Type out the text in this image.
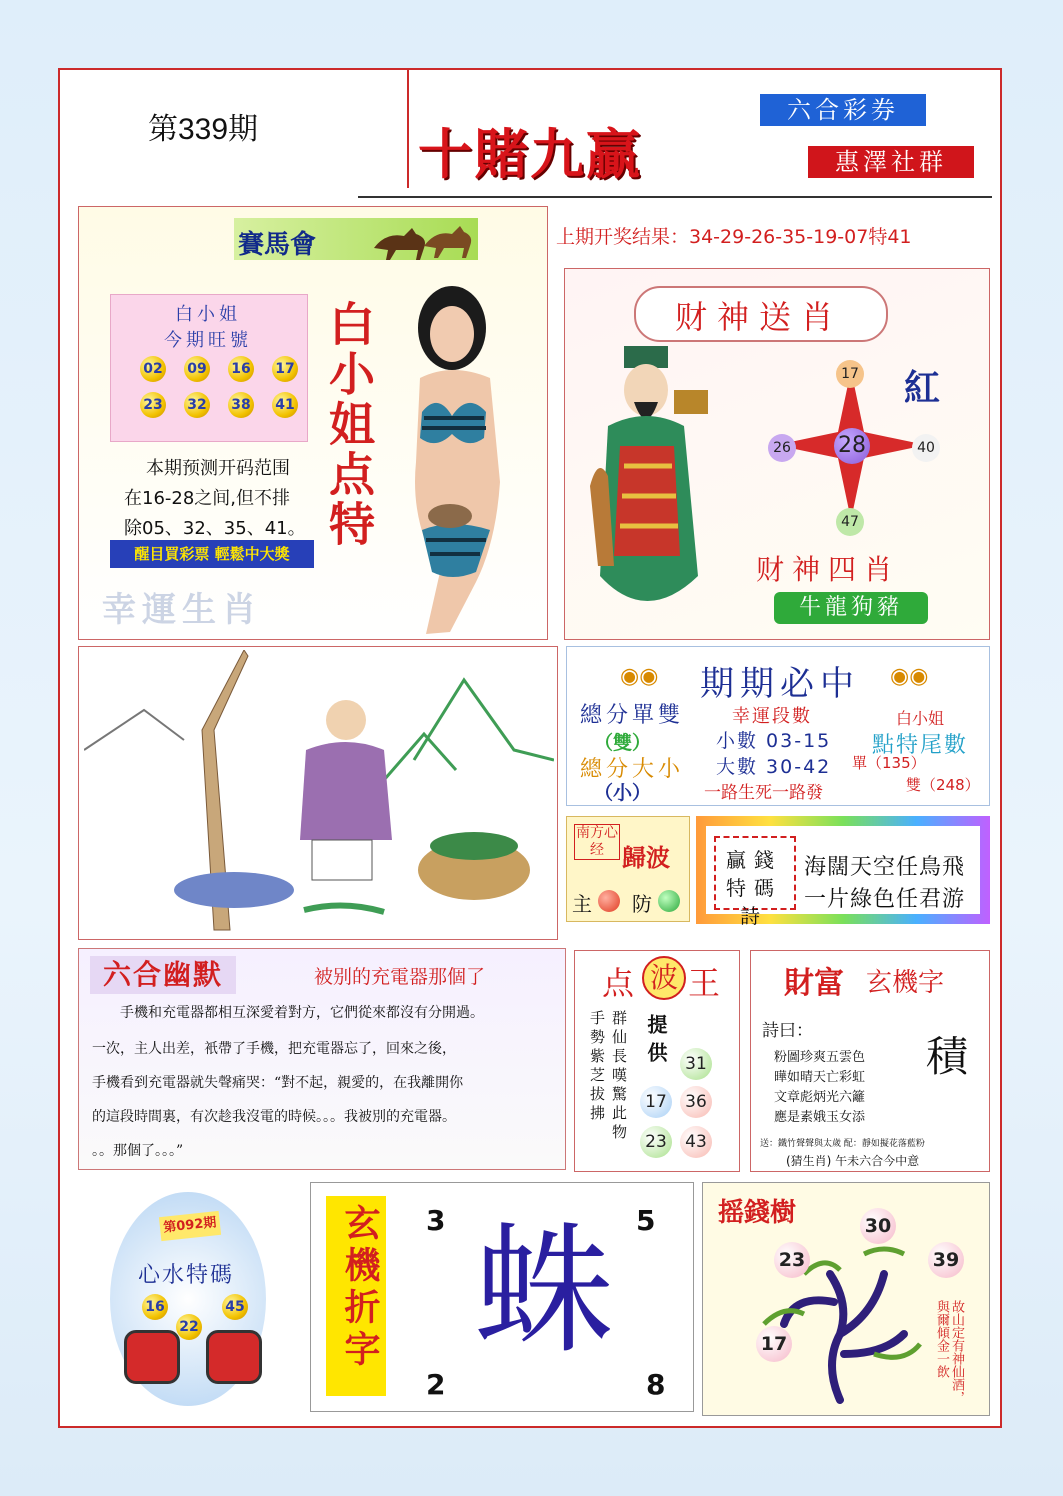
第339期	十賭九贏
六合彩券
惠澤社群
上期开奖结果：34-29-26-35-19-07特41
賽馬會
白小姐
今期旺號
02 09 16 17
23 32 38 41 白小姐点特
本期预测开码范围
在16-28之间,但不排
除05、32、35、41。
醒目買彩票 輕鬆中大獎
幸運生肖
财神送肖
28
17
26	40
47
紅
财神四肖
牛龍狗豬
◉◉	◉◉
期期必中
總分單雙
（雙）
總分大小
（小）
幸運段數
小數 03-15
大數 30-42
一路生死一路發
白小姐
點特尾數
單（135）
雙（248）
南方心经 歸波
主 防
贏錢特碼詩
海闊天空任鳥飛
一片綠色任君游
六合幽默	被别的充電器那個了
手機和充電器都相互深愛着對方，它們從來都沒有分開過。
一次，主人出差，衹帶了手機，把充電器忘了，回來之後，
手機看到充電器就失聲痛哭：“對不起，親愛的，在我離開你
的這段時間裏，有次趁我沒電的時候。。。我被別的充電器。
。。那個了。。。”
点 波 王
手勢紫芝拔拂 群仙長嘆驚此物 提供	31
17	36
23	43
財富 玄機字
詩曰：
粉圖珍爽五雲色
曄如晴天亡彩虹
文章彪炳光六籬
應是素娥玉女添
積
送：鐵竹聲聲與太歲 配：靜如擬花落藍粉
(猜生肖) 午未六合今中意
第092期
心水特碼
16
22
45	玄機折字 蛛
3	5
2	8
摇錢樹	30
23	39
17	故山定有神仙酒，與爾傾金一飲
